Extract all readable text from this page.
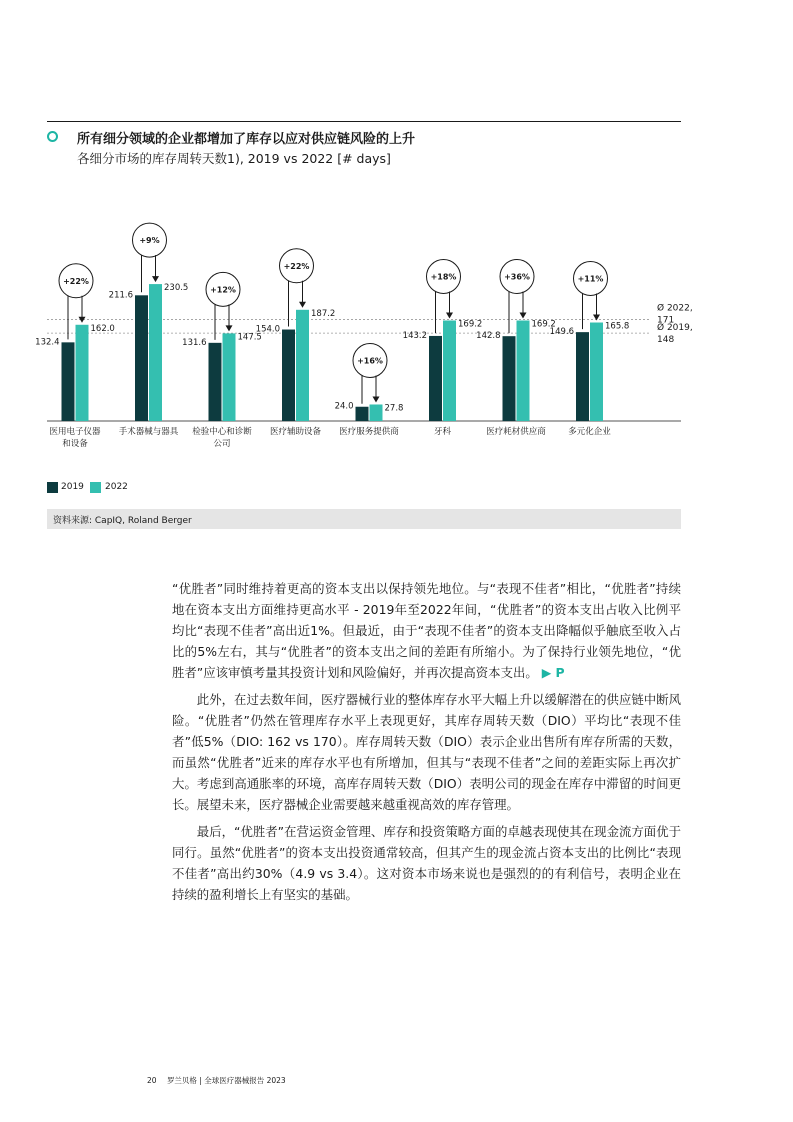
所有细分领域的企业都增加了库存以应对供应链风险的上升
各细分市场的库存周转天数1), 2019 vs 2022 [# days]
Ø 2022,
171
Ø 2019,
148
132.4
162.0
+22%
医用电子仪器
和设备
211.6
230.5
+9%
手术器械与器具
131.6
147.5
+12%
检验中心和诊断
公司
154.0
187.2
+22%
医疗辅助设备
24.0	27.8
+16%
医疗服务提供商
143.2
169.2
+18%
牙科
142.8
169.2
+36%
医疗耗材供应商
149.6
165.8
+11%
多元化企业
2019 2022
资料来源: CapIQ, Roland Berger

“优胜者”同时维持着更高的资本支出以保持领先地位。与“表现不佳者”相比，“优胜者”持续地在资本支出方面维持更高水平 - 2019年至2022年间，“优胜者”的资本支出占收入比例平均比“表现不佳者”高出近1%。但最近，由于“表现不佳者”的资本支出降幅似乎触底至收入占比的5%左右，其与“优胜者”的资本支出之间的差距有所缩小。为了保持行业领先地位，“优胜者”应该审慎考量其投资计划和风险偏好，并再次提高资本支出。 ▶ P

此外，在过去数年间，医疗器械行业的整体库存水平大幅上升以缓解潜在的供应链中断风险。“优胜者”仍然在管理库存水平上表现更好，其库存周转天数（DIO）平均比“表现不佳者”低5%（DIO: 162 vs 170）。库存周转天数（DIO）表示企业出售所有库存所需的天数，而虽然“优胜者”近来的库存水平也有所增加，但其与“表现不佳者”之间的差距实际上再次扩大。考虑到高通胀率的环境，高库存周转天数（DIO）表明公司的现金在库存中滞留的时间更长。展望未来，医疗器械企业需要越来越重视高效的库存管理。

最后，“优胜者”在营运资金管理、库存和投资策略方面的卓越表现使其在现金流方面优于同行。虽然“优胜者”的资本支出投资通常较高，但其产生的现金流占资本支出的比例比“表现不佳者”高出约30%（4.9 vs 3.4）。这对资本市场来说也是强烈的的有利信号，表明企业在持续的盈利增长上有坚实的基础。

20 罗兰贝格 | 全球医疗器械报告 2023
